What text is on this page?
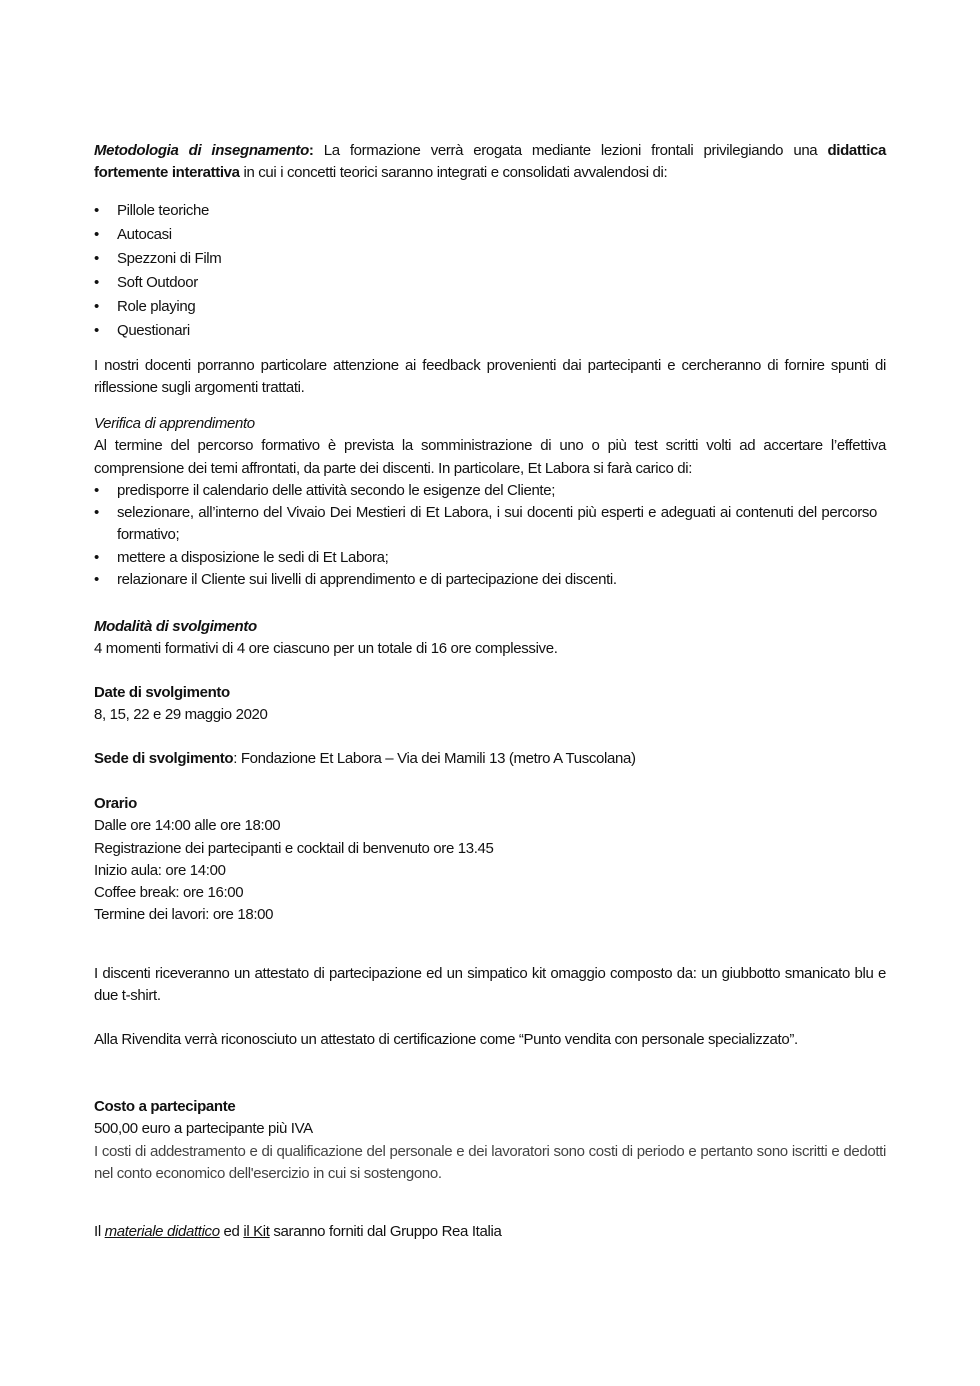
Metodologia di insegnamento: La formazione verrà erogata mediante lezioni frontali privilegiando una didattica fortemente interattiva in cui i concetti teorici saranno integrati e consolidati avvalendosi di:
• Pillole teoriche
• Autocasi
• Spezzoni di Film
• Soft Outdoor
• Role playing
• Questionari

I nostri docenti porranno particolare attenzione ai feedback provenienti dai partecipanti e cercheranno di fornire spunti di riflessione sugli argomenti trattati.

Verifica di apprendimento

Al termine del percorso formativo è prevista la somministrazione di uno o più test scritti volti ad accertare l’effettiva comprensione dei temi affrontati, da parte dei discenti. In particolare, Et Labora si farà carico di:

• predisporre il calendario delle attività secondo le esigenze del Cliente;
• selezionare, all’interno del Vivaio Dei Mestieri di Et Labora, i sui docenti più esperti e adeguati ai contenuti del percorso formativo;
• mettere a disposizione le sedi di Et Labora;
• relazionare il Cliente sui livelli di apprendimento e di partecipazione dei discenti.

Modalità di svolgimento

4 momenti formativi di 4 ore ciascuno per un totale di 16 ore complessive.

Date di svolgimento

8, 15, 22 e 29 maggio 2020

Sede di svolgimento: Fondazione Et Labora – Via dei Mamili 13 (metro A Tuscolana)

Orario

Dalle ore 14:00 alle ore 18:00

Registrazione dei partecipanti e cocktail di benvenuto ore 13.45

Inizio aula: ore 14:00

Coffee break: ore 16:00

Termine dei lavori: ore 18:00

I discenti riceveranno un attestato di partecipazione ed un simpatico kit omaggio composto da: un giubbotto smanicato blu e due t-shirt.

Alla Rivendita verrà riconosciuto un attestato di certificazione come “Punto vendita con personale specializzato”.

Costo a partecipante

500,00 euro a partecipante più IVA

I costi di addestramento e di qualificazione del personale e dei lavoratori sono costi di periodo e pertanto sono iscritti e dedotti nel conto economico dell'esercizio in cui si sostengono.

Il materiale didattico ed il Kit saranno forniti dal Gruppo Rea Italia
